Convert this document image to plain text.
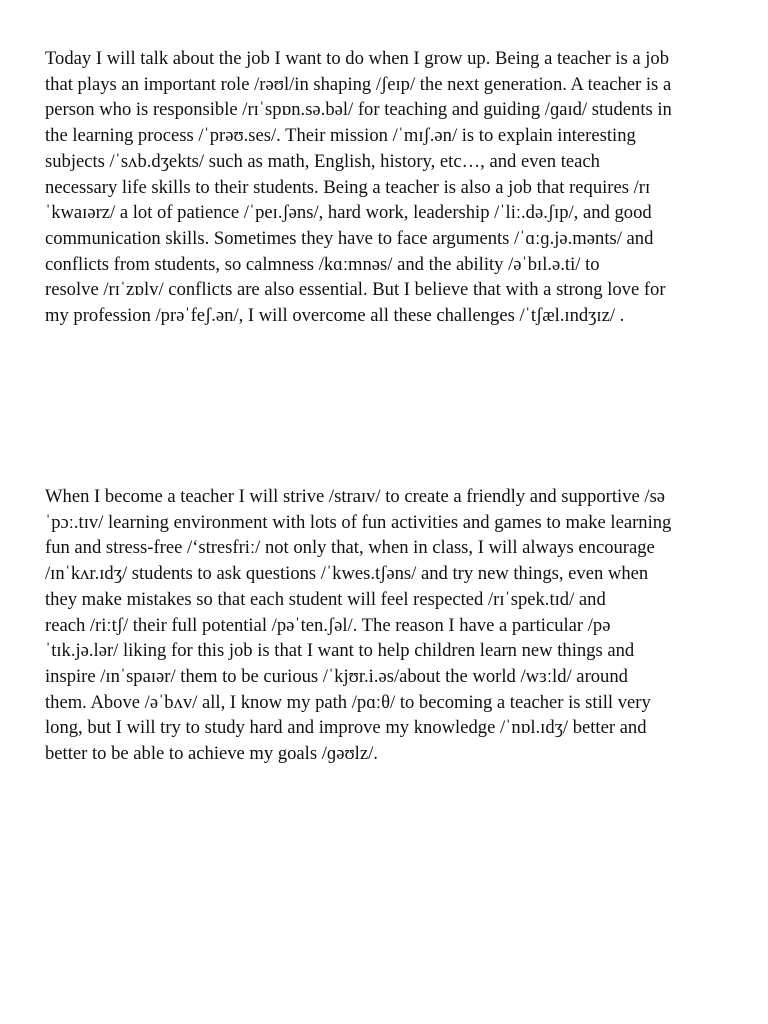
Today I will talk about the job I want to do when I grow up. Being a teacher is a job
that plays an important role /rəʊl/in shaping /ʃeɪp/ the next generation. A teacher is a
person who is responsible /rɪˈspɒn.sə.bəl/ for teaching and guiding /ɡaɪd/ students in
the learning process /ˈprəʊ.ses/. Their mission /ˈmɪʃ.ən/ is to explain interesting
subjects /ˈsʌb.dʒekts/ such as math, English, history, etc…, and even teach
necessary life skills to their students. Being a teacher is also a job that requires /rɪ
ˈkwaɪərz/ a lot of patience /ˈpeɪ.ʃəns/, hard work, leadership /ˈliː.də.ʃɪp/, and good
communication skills. Sometimes they have to face arguments /ˈɑːɡ.jə.mənts/ and
conflicts from students, so calmness /kɑːmnəs/ and the ability /əˈbɪl.ə.ti/ to
resolve /rɪˈzɒlv/ conflicts are also essential. But I believe that with a strong love for
my profession /prəˈfeʃ.ən/, I will overcome all these challenges /ˈtʃæl.ɪndʒɪz/ .

When I become a teacher I will strive /straɪv/ to create a friendly and supportive /sə
ˈpɔː.tɪv/ learning environment with lots of fun activities and games to make learning
fun and stress-free /‘stresfriː/ not only that, when in class, I will always encourage
/ɪnˈkʌr.ɪdʒ/ students to ask questions /ˈkwes.tʃəns/ and try new things, even when
they make mistakes so that each student will feel respected /rɪˈspek.tɪd/ and
reach /riːtʃ/ their full potential /pəˈten.ʃəl/. The reason I have a particular /pə
ˈtɪk.jə.lər/ liking for this job is that I want to help children learn new things and
inspire /ɪnˈspaɪər/ them to be curious /ˈkjʊr.i.əs/about the world /wɜːld/ around
them. Above /əˈbʌv/ all, I know my path /pɑːθ/ to becoming a teacher is still very
long, but I will try to study hard and improve my knowledge /ˈnɒl.ɪdʒ/ better and
better to be able to achieve my goals /ɡəʊlz/.
